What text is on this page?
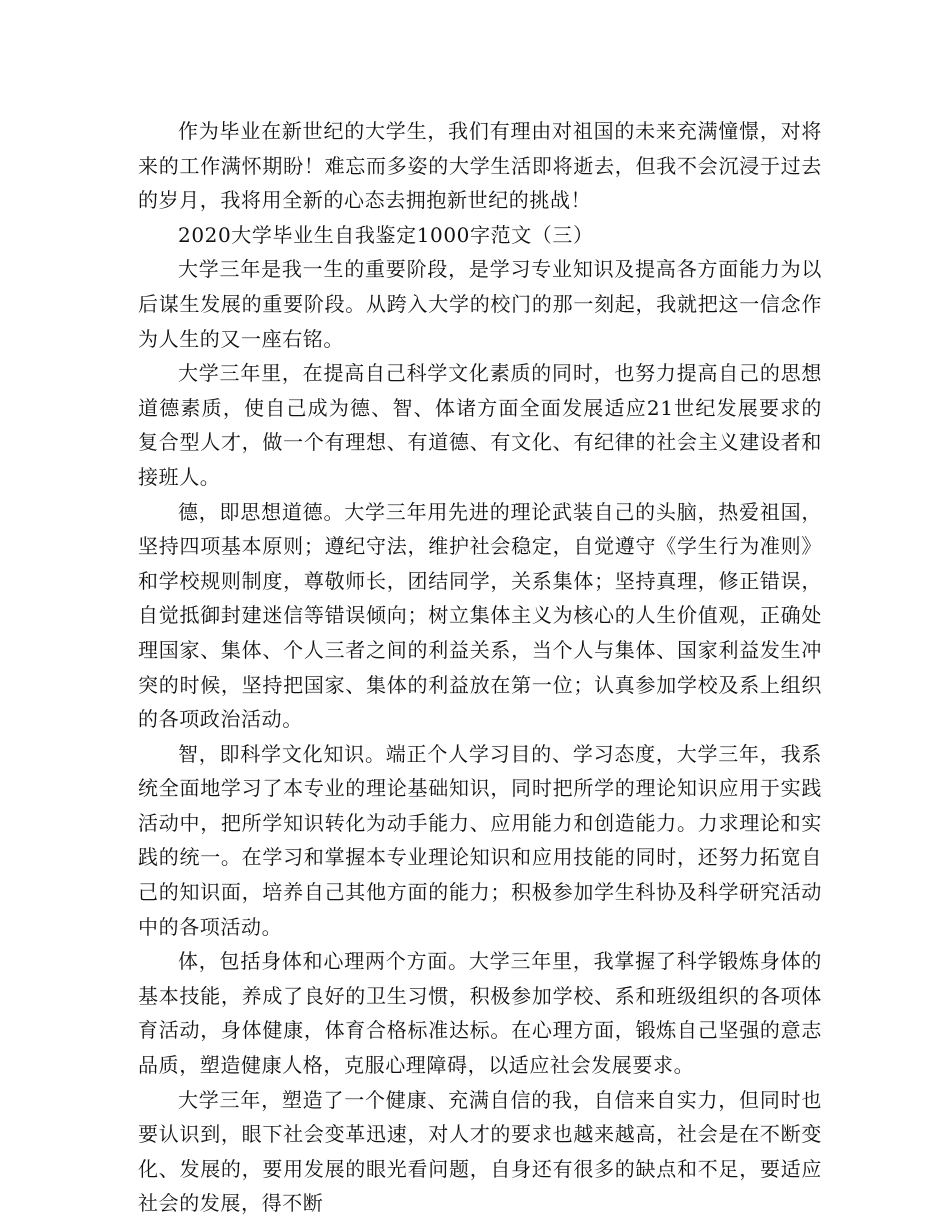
作为毕业在新世纪的大学生，我们有理由对祖国的未来充满憧憬，对将来的工作满怀期盼！难忘而多姿的大学生活即将逝去，但我不会沉浸于过去的岁月，我将用全新的心态去拥抱新世纪的挑战！

2020大学毕业生自我鉴定1000字范文（三）

大学三年是我一生的重要阶段，是学习专业知识及提高各方面能力为以后谋生发展的重要阶段。从跨入大学的校门的那一刻起，我就把这一信念作为人生的又一座右铭。

大学三年里，在提高自己科学文化素质的同时，也努力提高自己的思想道德素质，使自己成为德、智、体诸方面全面发展适应21世纪发展要求的复合型人才，做一个有理想、有道德、有文化、有纪律的社会主义建设者和接班人。

德，即思想道德。大学三年用先进的理论武装自己的头脑，热爱祖国，坚持四项基本原则；遵纪守法，维护社会稳定，自觉遵守《学生行为准则》和学校规则制度，尊敬师长，团结同学，关系集体；坚持真理，修正错误，自觉抵御封建迷信等错误倾向；树立集体主义为核心的人生价值观，正确处理国家、集体、个人三者之间的利益关系，当个人与集体、国家利益发生冲突的时候，坚持把国家、集体的利益放在第一位；认真参加学校及系上组织的各项政治活动。

智，即科学文化知识。端正个人学习目的、学习态度，大学三年，我系统全面地学习了本专业的理论基础知识，同时把所学的理论知识应用于实践活动中，把所学知识转化为动手能力、应用能力和创造能力。力求理论和实践的统一。在学习和掌握本专业理论知识和应用技能的同时，还努力拓宽自己的知识面，培养自己其他方面的能力；积极参加学生科协及科学研究活动中的各项活动。

体，包括身体和心理两个方面。大学三年里，我掌握了科学锻炼身体的基本技能，养成了良好的卫生习惯，积极参加学校、系和班级组织的各项体育活动，身体健康，体育合格标准达标。在心理方面，锻炼自己坚强的意志品质，塑造健康人格，克服心理障碍，以适应社会发展要求。

大学三年，塑造了一个健康、充满自信的我，自信来自实力，但同时也要认识到，眼下社会变革迅速，对人才的要求也越来越高，社会是在不断变化、发展的，要用发展的眼光看问题，自身还有很多的缺点和不足，要适应社会的发展，得不断
